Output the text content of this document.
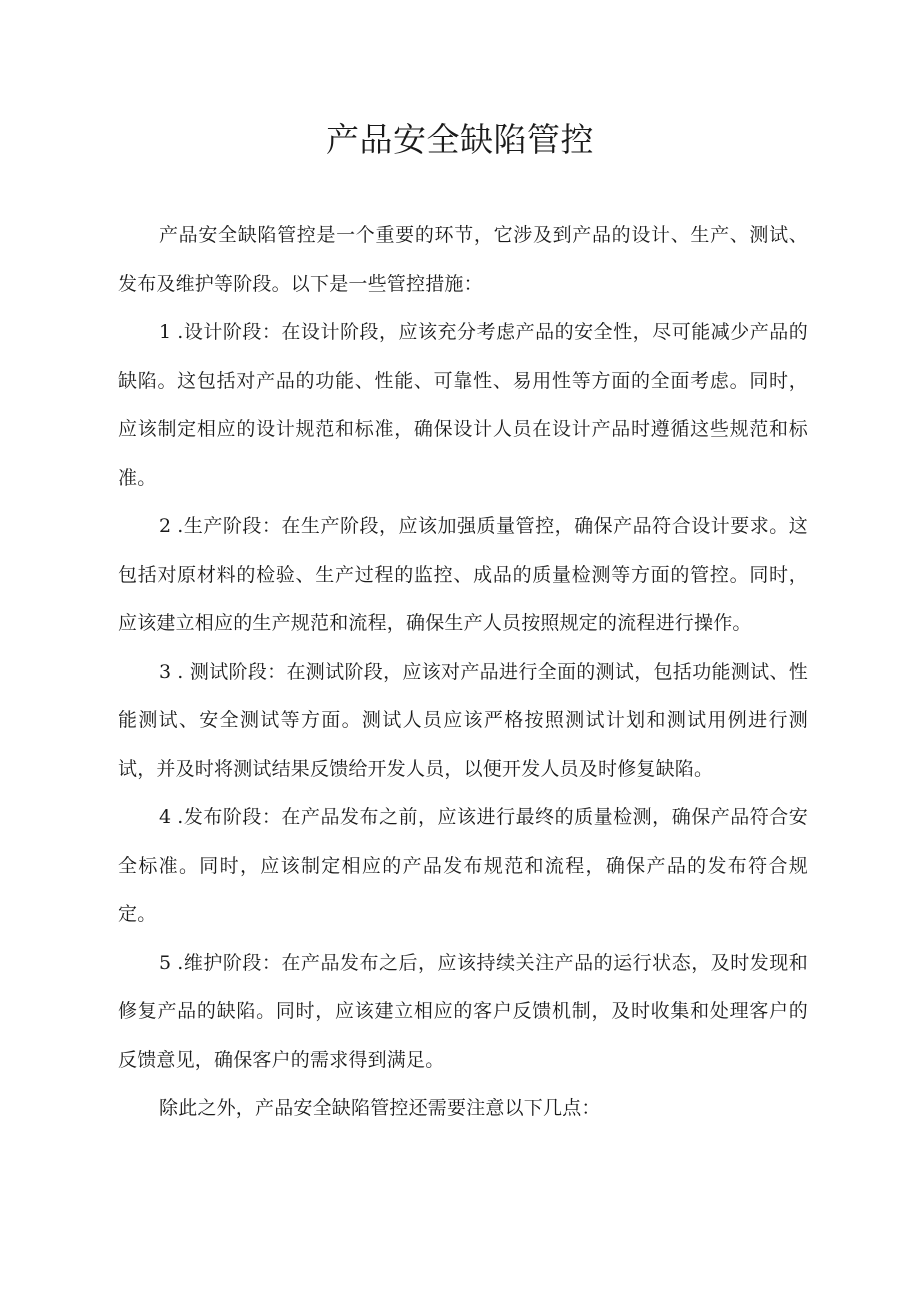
产品安全缺陷管控

产品安全缺陷管控是一个重要的环节，它涉及到产品的设计、生产、测试、发布及维护等阶段。以下是一些管控措施：

1 .设计阶段：在设计阶段，应该充分考虑产品的安全性，尽可能减少产品的缺陷。这包括对产品的功能、性能、可靠性、易用性等方面的全面考虑。同时，应该制定相应的设计规范和标准，确保设计人员在设计产品时遵循这些规范和标准。

2 .生产阶段：在生产阶段，应该加强质量管控，确保产品符合设计要求。这包括对原材料的检验、生产过程的监控、成品的质量检测等方面的管控。同时，应该建立相应的生产规范和流程，确保生产人员按照规定的流程进行操作。

3 . 测试阶段：在测试阶段，应该对产品进行全面的测试，包括功能测试、性能测试、安全测试等方面。测试人员应该严格按照测试计划和测试用例进行测试，并及时将测试结果反馈给开发人员，以便开发人员及时修复缺陷。

4 .发布阶段：在产品发布之前，应该进行最终的质量检测，确保产品符合安全标准。同时，应该制定相应的产品发布规范和流程，确保产品的发布符合规定。

5 .维护阶段：在产品发布之后，应该持续关注产品的运行状态，及时发现和修复产品的缺陷。同时，应该建立相应的客户反馈机制，及时收集和处理客户的反馈意见，确保客户的需求得到满足。

除此之外，产品安全缺陷管控还需要注意以下几点：
